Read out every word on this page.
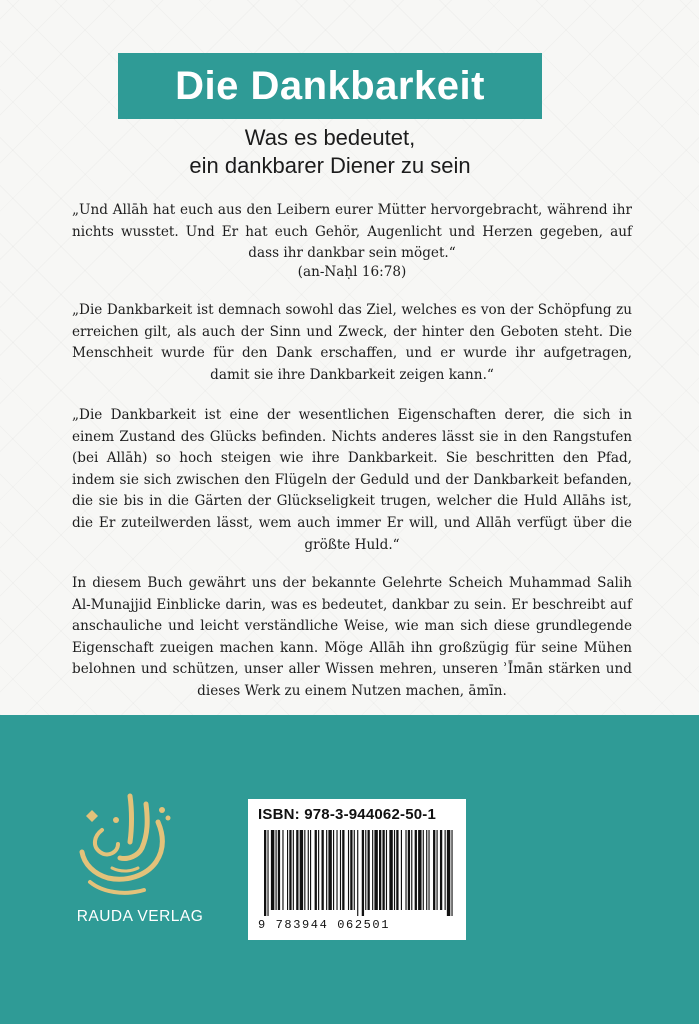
Die Dankbarkeit
Was es bedeutet,
ein dankbarer Diener zu sein
„Und Allāh hat euch aus den Leibern eurer Mütter hervorgebracht, während ihr nichts wusstet. Und Er hat euch Gehör, Augenlicht und Herzen gegeben, auf dass ihr dankbar sein möget.“
(an-Naḥl 16:78)
„Die Dankbarkeit ist demnach sowohl das Ziel, welches es von der Schöpfung zu erreichen gilt, als auch der Sinn und Zweck, der hinter den Geboten steht. Die Menschheit wurde für den Dank erschaffen, und er wurde ihr aufgetragen, damit sie ihre Dankbarkeit zeigen kann.“
„Die Dankbarkeit ist eine der wesentlichen Eigenschaften derer, die sich in einem Zustand des Glücks befinden. Nichts anderes lässt sie in den Rangstufen (bei Allāh) so hoch steigen wie ihre Dankbarkeit. Sie beschritten den Pfad, indem sie sich zwischen den Flügeln der Geduld und der Dankbarkeit befanden, die sie bis in die Gärten der Glückseligkeit trugen, welcher die Huld Allāhs ist, die Er zuteilwerden lässt, wem auch immer Er will, und Allāh verfügt über die größte Huld.“
In diesem Buch gewährt uns der bekannte Gelehrte Scheich Muhammad Salih Al-Munajjid Einblicke darin, was es bedeutet, dankbar zu sein. Er beschreibt auf anschauliche und leicht verständliche Weise, wie man sich diese grundlegende Eigenschaft zueigen machen kann. Möge Allāh ihn großzügig für seine Mühen belohnen und schützen, unser aller Wissen mehren, unseren ʾĪmān stärken und dieses Werk zu einem Nutzen machen, āmīn.
RAUDA VERLAG
ISBN: 978-3-944062-50-1
9 783944 062501
